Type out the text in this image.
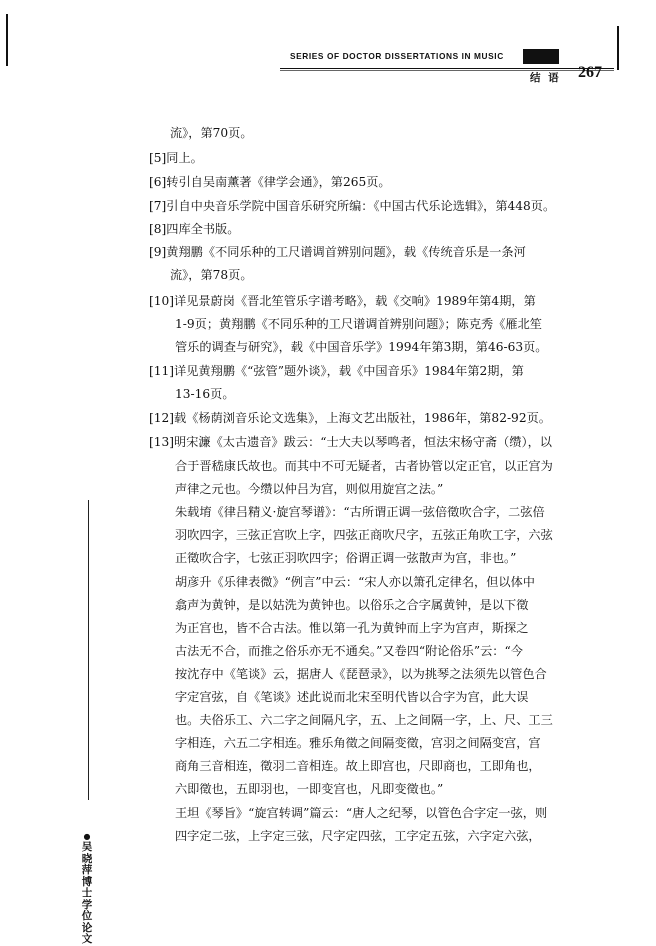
SERIES OF DOCTOR DISSERTATIONS IN MUSIC
结 语 267
●
吴
晓
萍
博
士
学
位
论
文
流》，第70页。
[5]同上。
[6]转引自吴南薰著《律学会通》，第265页。
[7]引自中央音乐学院中国音乐研究所编：《中国古代乐论选辑》，第448页。
[8]四库全书版。
[9]黄翔鹏《不同乐种的工尺谱调首辨别问题》，载《传统音乐是一条河
流》，第78页。
[10]详见景蔚岗《晋北笙管乐字谱考略》，载《交响》1989年第4期，第
1-9页；黄翔鹏《不同乐种的工尺谱调首辨别问题》；陈克秀《雁北笙
管乐的调查与研究》，载《中国音乐学》1994年第3期，第46-63页。
[11]详见黄翔鹏《“弦管”题外谈》，载《中国音乐》1984年第2期，第
13-16页。
[12]载《杨荫浏音乐论文选集》，上海文艺出版社，1986年，第82-92页。
[13]明宋濂《太古遗音》跋云：“士大夫以琴鸣者，恒法宋杨守斋（缵），以
合于晋嵇康氏故也。而其中不可无疑者，古者协管以定正官，以正宫为
声律之元也。今缵以仲吕为宫，则似用旋宫之法。”
朱载堉《律吕精义·旋宫琴谱》：“古所谓正调一弦倍徵吹合字，二弦倍
羽吹四字，三弦正宫吹上字，四弦正商吹尺字，五弦正角吹工字，六弦
正徵吹合字，七弦正羽吹四字；俗谓正调一弦散声为宫，非也。”
胡彦升《乐律表微》“例言”中云：“宋人亦以箫孔定律名，但以体中
翕声为黄钟，是以姑洗为黄钟也。以俗乐之合字属黄钟，是以下徵
为正宫也，皆不合古法。惟以第一孔为黄钟而上字为宫声，斯探之
古法无不合，而推之俗乐亦无不通矣。”又卷四“附论俗乐”云：“今
按沈存中《笔谈》云，据唐人《琵琶录》，以为挑琴之法须先以管色合
字定宫弦，自《笔谈》述此说而北宋至明代皆以合字为宫，此大误
也。夫俗乐工、六二字之间隔凡字，五、上之间隔一字，上、尺、工三
字相连，六五二字相连。雅乐角徵之间隔变徵，宫羽之间隔变宫，宫
商角三音相连，徵羽二音相连。故上即宫也，尺即商也，工即角也，
六即徵也，五即羽也，一即变宫也，凡即变徵也。”
王坦《琴旨》“旋宫转调”篇云：“唐人之纪琴，以管色合字定一弦，则
四字定二弦，上字定三弦，尺字定四弦，工字定五弦，六字定六弦，
